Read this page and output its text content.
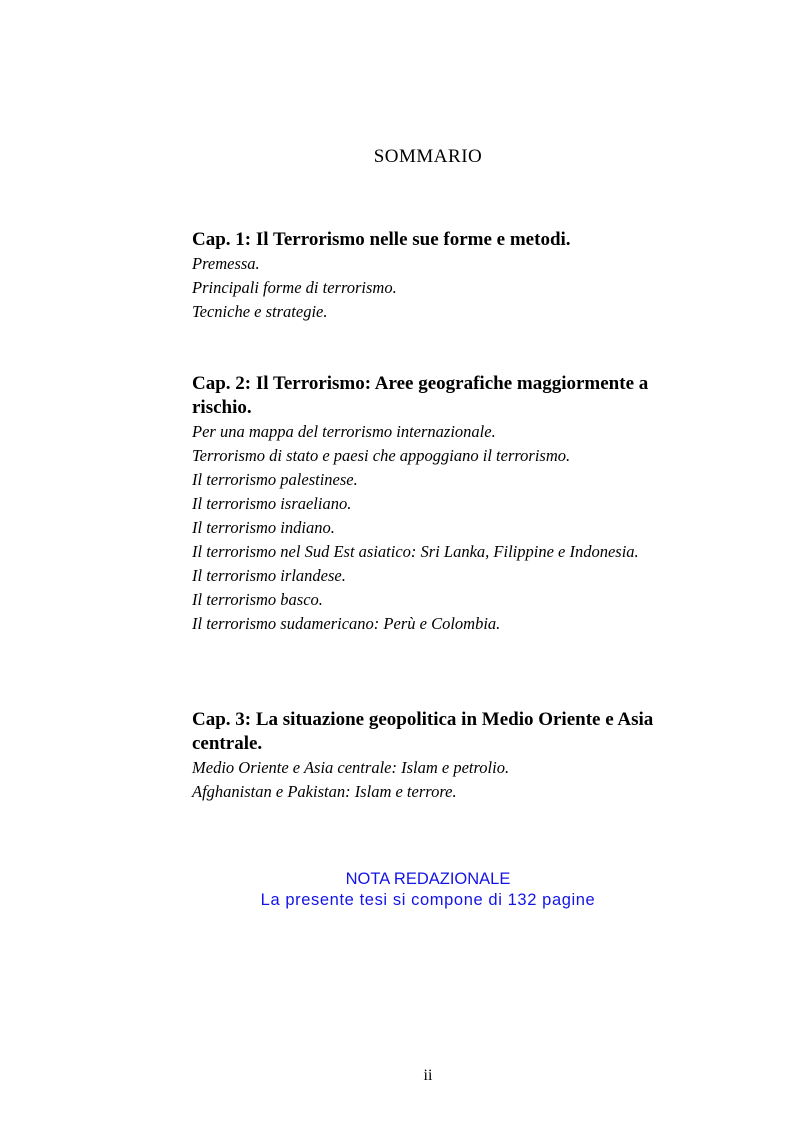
SOMMARIO
Cap. 1: Il Terrorismo nelle sue forme e metodi.
Premessa.
Principali forme di terrorismo.
Tecniche e strategie.
Cap. 2: Il Terrorismo: Aree geografiche maggiormente a rischio.
Per una mappa del terrorismo internazionale.
Terrorismo di stato e paesi che appoggiano il terrorismo.
Il terrorismo palestinese.
Il terrorismo israeliano.
Il terrorismo indiano.
Il terrorismo nel Sud Est asiatico: Sri Lanka, Filippine e Indonesia.
Il terrorismo irlandese.
Il terrorismo basco.
Il terrorismo sudamericano: Perù e Colombia.
Cap. 3: La situazione geopolitica in Medio Oriente e Asia centrale.
Medio Oriente e Asia centrale: Islam e petrolio.
Afghanistan e Pakistan: Islam e terrore.
NOTA REDAZIONALE
La presente tesi si compone di 132 pagine
ii
